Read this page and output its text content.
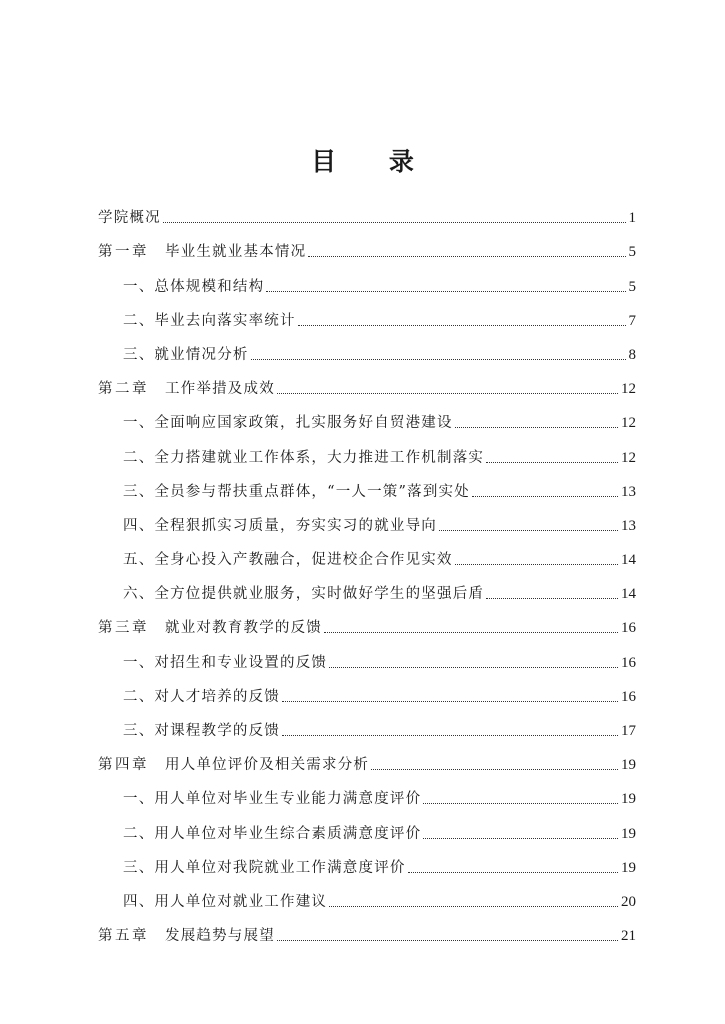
目 录
学院概况	1
第一章 毕业生就业基本情况	5
一、总体规模和结构	5
二、毕业去向落实率统计	7
三、就业情况分析	8
第二章 工作举措及成效	12
一、全面响应国家政策，扎实服务好自贸港建设	12
二、全力搭建就业工作体系，大力推进工作机制落实	12
三、全员参与帮扶重点群体，“一人一策”落到实处	13
四、全程狠抓实习质量，夯实实习的就业导向	13
五、全身心投入产教融合，促进校企合作见实效	14
六、全方位提供就业服务，实时做好学生的坚强后盾	14
第三章 就业对教育教学的反馈	16
一、对招生和专业设置的反馈	16
二、对人才培养的反馈	16
三、对课程教学的反馈	17
第四章 用人单位评价及相关需求分析	19
一、用人单位对毕业生专业能力满意度评价	19
二、用人单位对毕业生综合素质满意度评价	19
三、用人单位对我院就业工作满意度评价	19
四、用人单位对就业工作建议	20
第五章 发展趋势与展望	21
